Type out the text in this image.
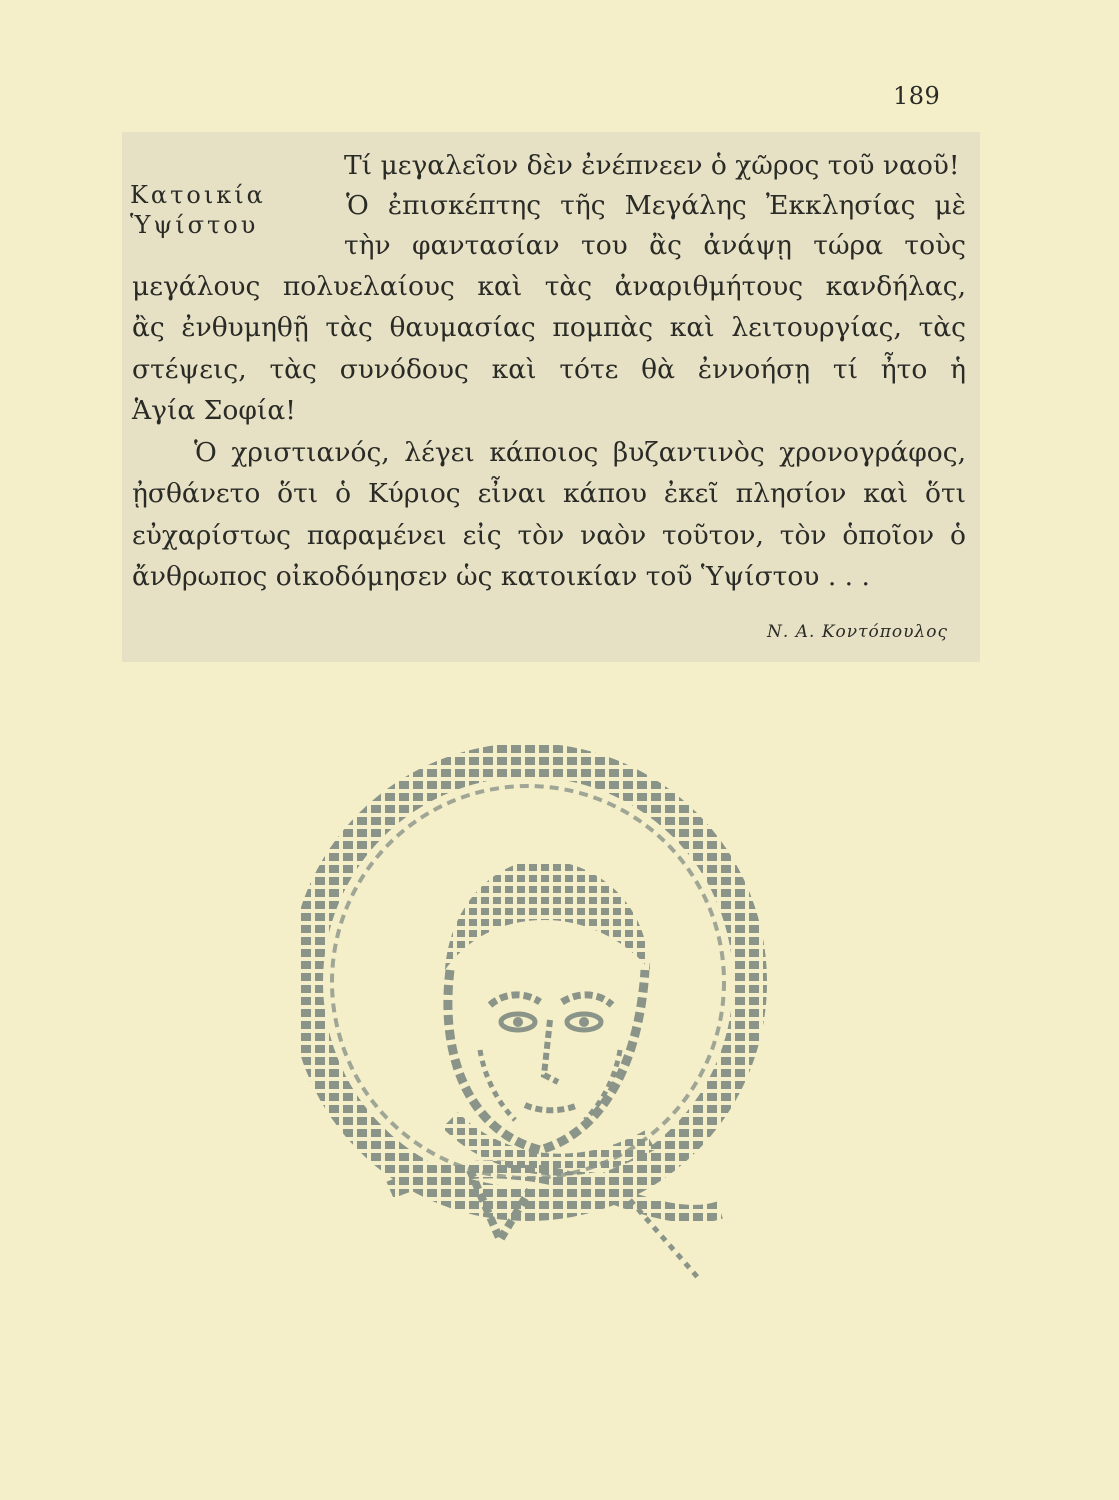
189
Κατοικία
Ὑψίστου
Τί μεγαλεῖον δὲν ἐνέπνεεν ὁ χῶρος τοῦ ναοῦ!
Ὁ ἐπισκέπτης τῆς Μεγάλης Ἐκκλησίας μὲ
τὴν φαντασίαν του ἂς ἀνάψῃ τώρα τοὺς
μεγάλους πολυελαίους καὶ τὰς ἀναριθμήτους κανδήλας,
ἂς ἐνθυμηθῇ τὰς θαυμασίας πομπὰς καὶ λειτουργίας, τὰς
στέψεις, τὰς συνόδους καὶ τότε θὰ ἐννοήσῃ τί ἦτο ἡ
Ἁγία Σοφία!
Ὁ χριστιανός, λέγει κάποιος βυζαντινὸς χρονογράφος,
ᾐσθάνετο ὅτι ὁ Κύριος εἶναι κάπου ἐκεῖ πλησίον καὶ ὅτι
εὐχαρίστως παραμένει εἰς τὸν ναὸν τοῦτον, τὸν ὁποῖον ὁ
ἄνθρωπος οἰκοδόμησεν ὡς κατοικίαν τοῦ Ὑψίστου . . .
Ν. Α. Κοντόπουλος
